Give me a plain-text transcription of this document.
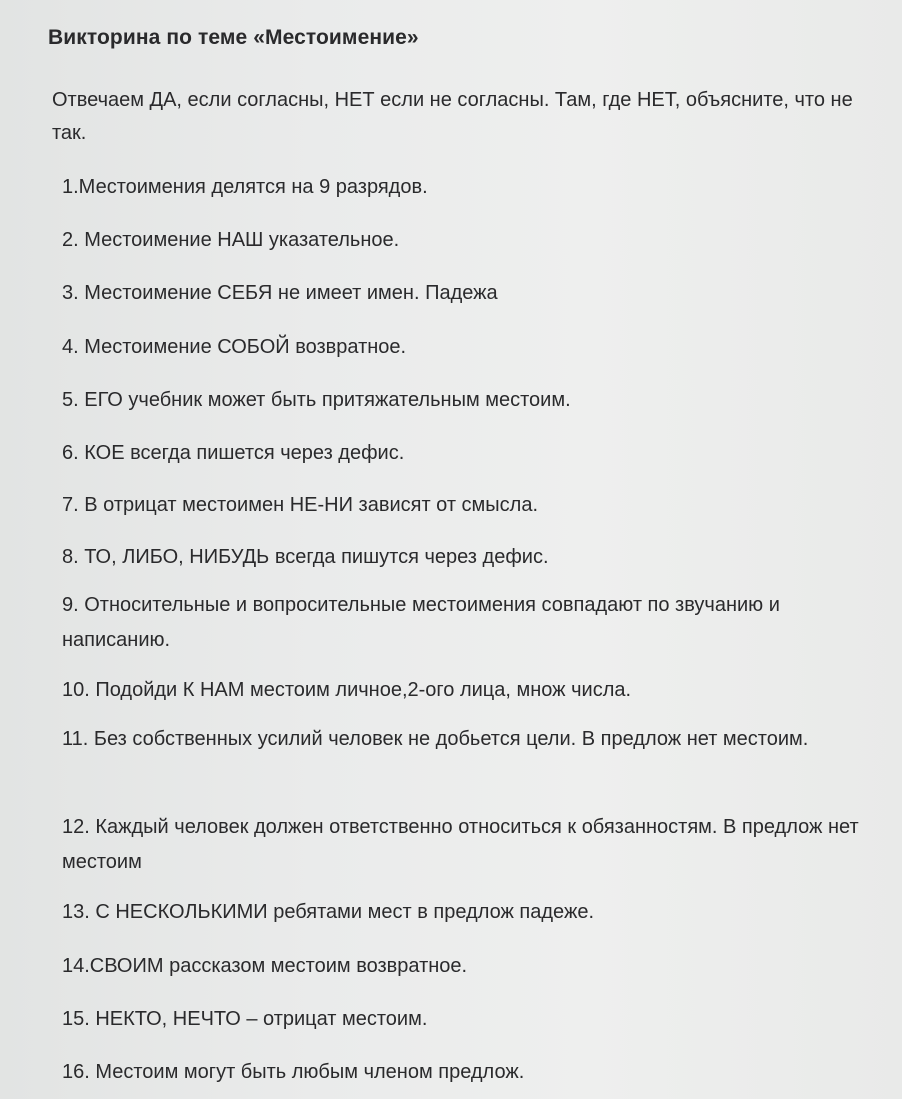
Викторина по теме «Местоимение»

Отвечаем ДА, если согласны, НЕТ если не согласны. Там, где НЕТ, объясните, что не так.

1.Местоимения делятся на 9 разрядов.
2. Местоимение НАШ указательное.
3. Местоимение СЕБЯ не имеет имен. Падежа
4. Местоимение СОБОЙ возвратное.
5. ЕГО учебник может быть притяжательным местоим.
6. КОЕ всегда пишется через дефис.
7. В отрицат местоимен НЕ-НИ зависят от смысла.
8. ТО, ЛИБО, НИБУДЬ всегда пишутся через дефис.
9. Относительные и вопросительные местоимения совпадают по звучанию и написанию.
10. Подойди К НАМ местоим личное,2-ого лица, множ числа.
11. Без собственных усилий человек не добьется цели. В предлож нет местоим.
12. Каждый человек должен ответственно относиться к обязанностям. В предлож нет местоим
13. С НЕСКОЛЬКИМИ ребятами мест в предлож падеже.
14.СВОИМ рассказом местоим возвратное.
15. НЕКТО, НЕЧТО – отрицат местоим.
16. Местоим могут быть любым членом предлож.
